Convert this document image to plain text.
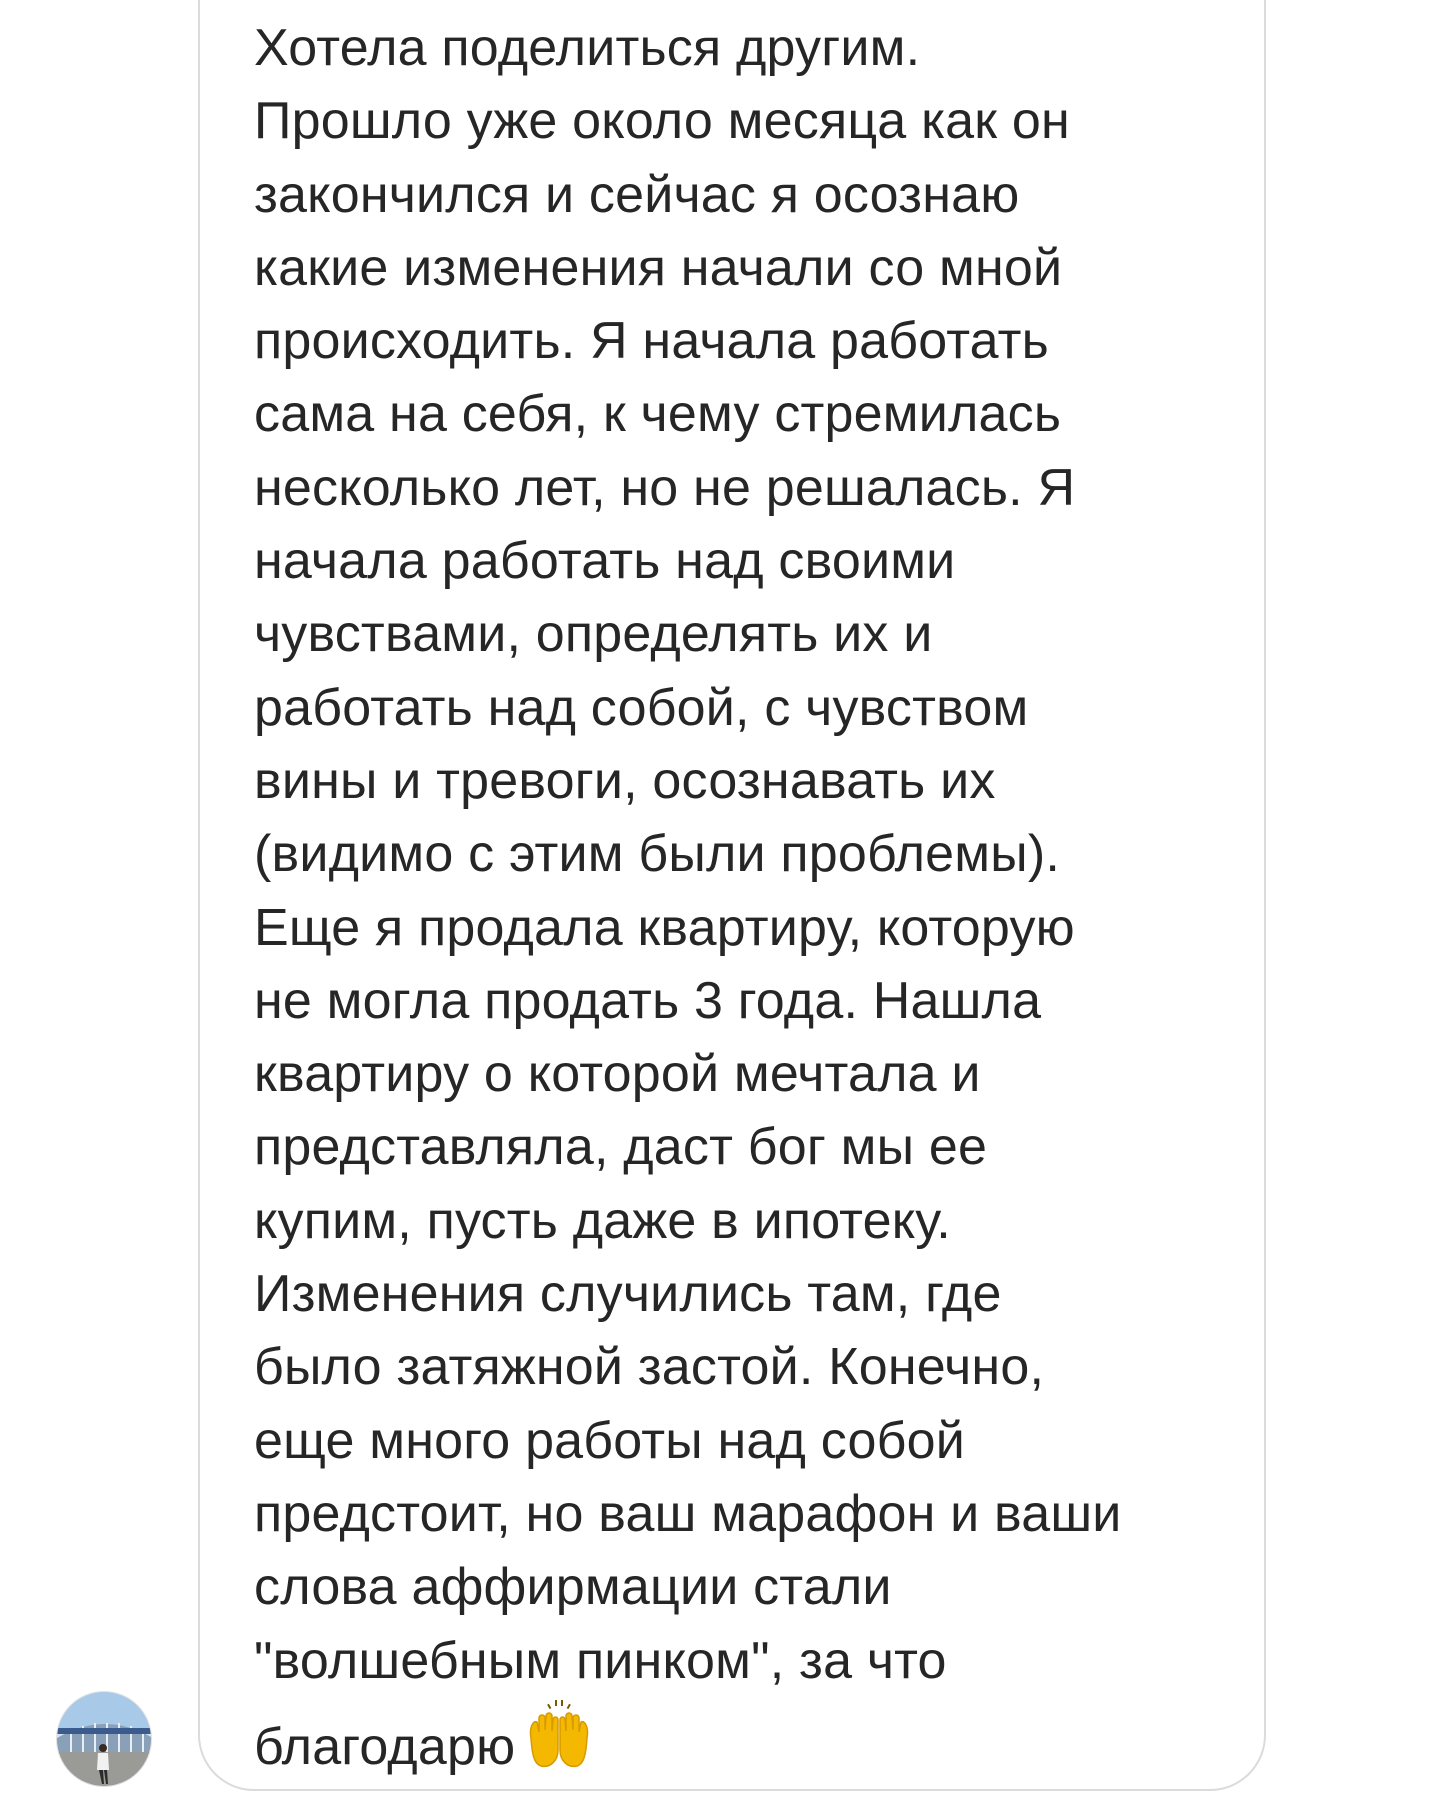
Хотела поделиться другим.
Прошло уже около месяца как он
закончился и сейчас я осознаю
какие изменения начали со мной
происходить. Я начала работать
сама на себя, к чему стремилась
несколько лет, но не решалась. Я
начала работать над своими
чувствами, определять их и
работать над собой, с чувством
вины и тревоги, осознавать их
(видимо с этим были проблемы).
Еще я продала квартиру, которую
не могла продать 3 года. Нашла
квартиру о которой мечтала и
представляла, даст бог мы ее
купим, пусть даже в ипотеку.
Изменения случились там, где
было затяжной застой. Конечно,
еще много работы над собой
предстоит, но ваш марафон и ваши
слова аффирмации стали
"волшебным пинком", за что
благодарю
